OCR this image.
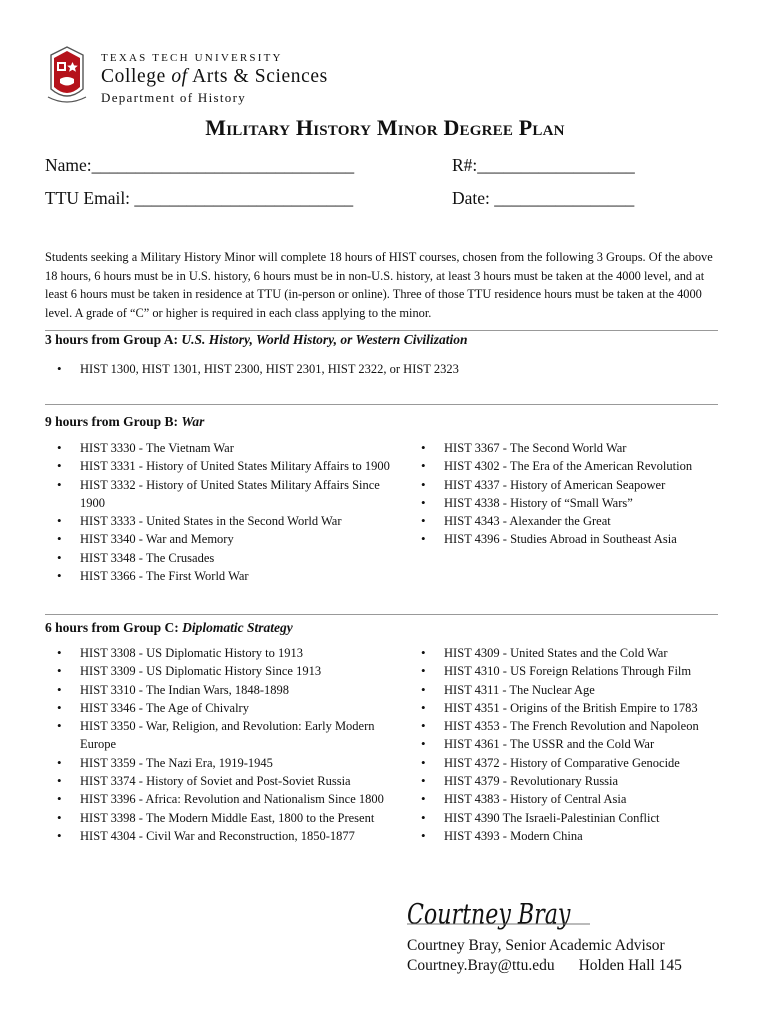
TEXAS TECH UNIVERSITY
College of Arts & Sciences
Department of History
Military History Minor Degree Plan
Name:______________________________	R#:__________________
TTU Email: _________________________	Date: ________________
Students seeking a Military History Minor will complete 18 hours of HIST courses, chosen from the following 3 Groups. Of the above 18 hours, 6 hours must be in U.S. history, 6 hours must be in non-U.S. history, at least 3 hours must be taken at the 4000 level, and at least 6 hours must be taken in residence at TTU (in-person or online). Three of those TTU residence hours must be taken at the 4000 level. A grade of “C” or higher is required in each class applying to the minor.
3 hours from Group A: U.S. History, World History, or Western Civilization
• HIST 1300, HIST 1301, HIST 2300, HIST 2301, HIST 2322, or HIST 2323
9 hours from Group B: War
• HIST 3330 - The Vietnam War
• HIST 3331 - History of United States Military Affairs to 1900
• HIST 3332 - History of United States Military Affairs Since 1900
• HIST 3333 - United States in the Second World War
• HIST 3340 - War and Memory
• HIST 3348 - The Crusades
• HIST 3366 - The First World War
• HIST 3367 - The Second World War
• HIST 4302 - The Era of the American Revolution
• HIST 4337 - History of American Seapower
• HIST 4338 - History of “Small Wars”
• HIST 4343 - Alexander the Great
• HIST 4396 - Studies Abroad in Southeast Asia
6 hours from Group C: Diplomatic Strategy
• HIST 3308 - US Diplomatic History to 1913
• HIST 3309 - US Diplomatic History Since 1913
• HIST 3310 - The Indian Wars, 1848-1898
• HIST 3346 - The Age of Chivalry
• HIST 3350 - War, Religion, and Revolution: Early Modern Europe
• HIST 3359 - The Nazi Era, 1919-1945
• HIST 3374 - History of Soviet and Post-Soviet Russia
• HIST 3396 - Africa: Revolution and Nationalism Since 1800
• HIST 3398 - The Modern Middle East, 1800 to the Present
• HIST 4304 - Civil War and Reconstruction, 1850-1877
• HIST 4309 - United States and the Cold War
• HIST 4310 - US Foreign Relations Through Film
• HIST 4311 - The Nuclear Age
• HIST 4351 - Origins of the British Empire to 1783
• HIST 4353 - The French Revolution and Napoleon
• HIST 4361 - The USSR and the Cold War
• HIST 4372 - History of Comparative Genocide
• HIST 4379 - Revolutionary Russia
• HIST 4383 - History of Central Asia
• HIST 4390 The Israeli-Palestinian Conflict
• HIST 4393 - Modern China
Courtney Bray
Courtney Bray, Senior Academic Advisor
Courtney.Bray@ttu.edu Holden Hall 145
